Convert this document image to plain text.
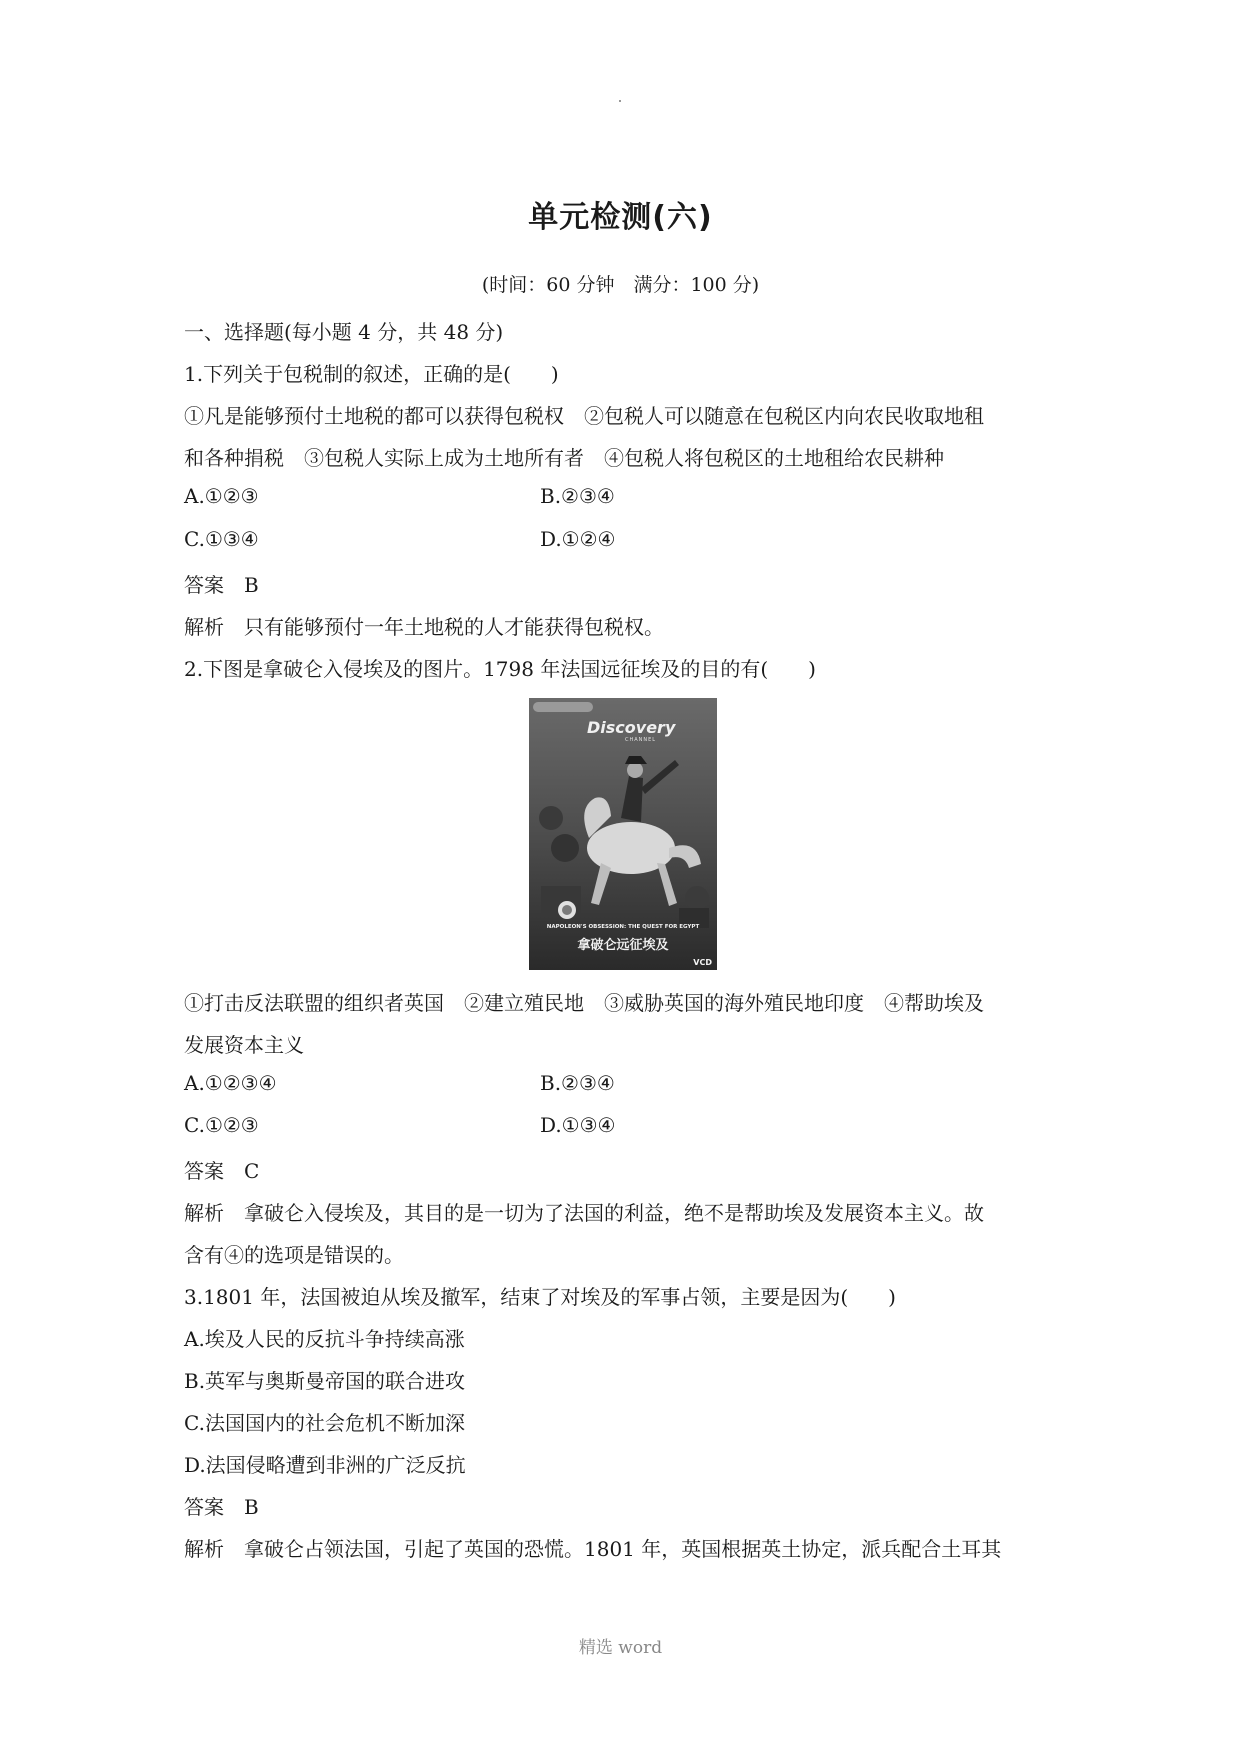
单元检测(六)
(时间：60 分钟　满分：100 分)
一、选择题(每小题 4 分，共 48 分)
1.下列关于包税制的叙述，正确的是(　　)
①凡是能够预付土地税的都可以获得包税权　②包税人可以随意在包税区内向农民收取地租
和各种捐税　③包税人实际上成为土地所有者　④包税人将包税区的土地租给农民耕种
A.①②③	B.②③④
C.①③④	D.①②④
答案　B
解析　只有能够预付一年土地税的人才能获得包税权。
2.下图是拿破仑入侵埃及的图片。1798 年法国远征埃及的目的有(　　)
Discovery
CHANNEL
NAPOLEON'S OBSESSION: THE QUEST FOR EGYPT
拿破仑远征埃及
VCD
①打击反法联盟的组织者英国　②建立殖民地　③威胁英国的海外殖民地印度　④帮助埃及
发展资本主义
A.①②③④	B.②③④
C.①②③	D.①③④
答案　C
解析　拿破仑入侵埃及，其目的是一切为了法国的利益，绝不是帮助埃及发展资本主义。故
含有④的选项是错误的。
3.1801 年，法国被迫从埃及撤军，结束了对埃及的军事占领，主要是因为(　　)
A.埃及人民的反抗斗争持续高涨
B.英军与奥斯曼帝国的联合进攻
C.法国国内的社会危机不断加深
D.法国侵略遭到非洲的广泛反抗
答案　B
解析　拿破仑占领法国，引起了英国的恐慌。1801 年，英国根据英土协定，派兵配合土耳其
精选 word
